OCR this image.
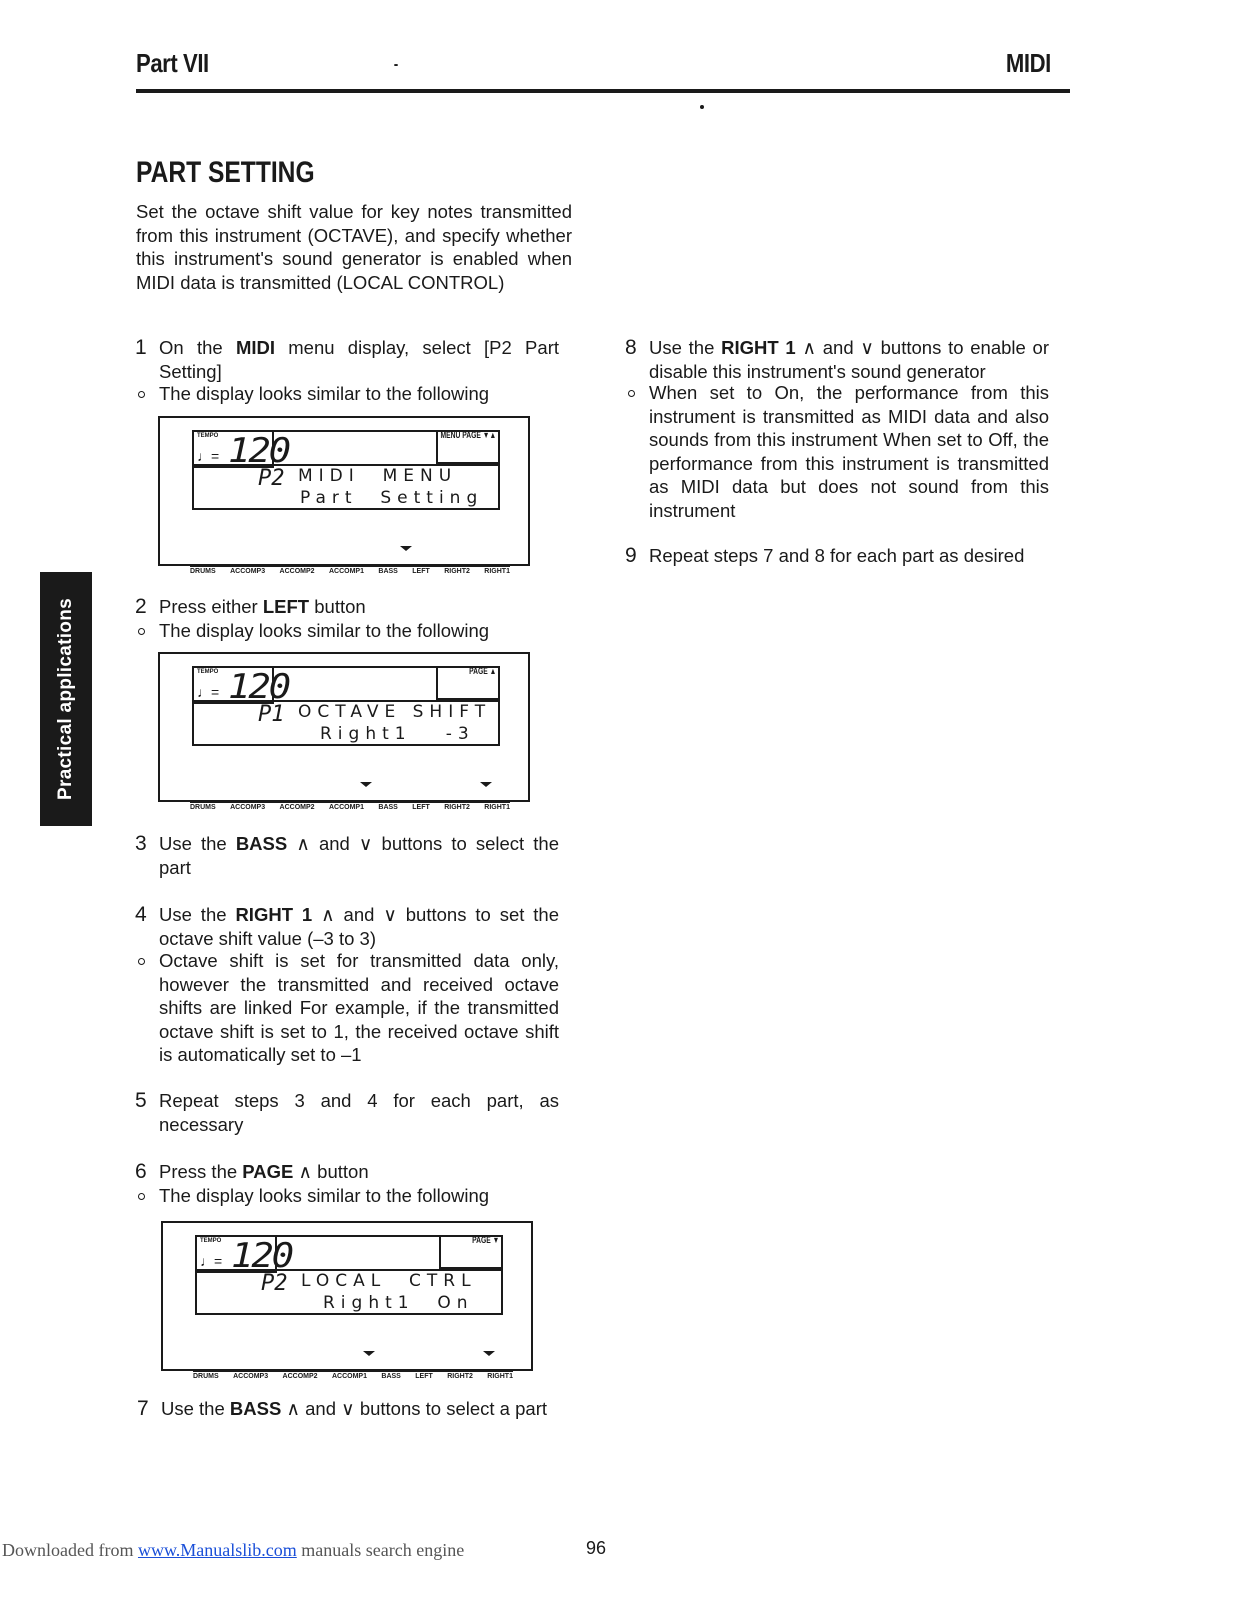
Part VII	MIDI
Practical applications
PART SETTING
Set the octave shift value for key notes transmitted from this instrument (OCTAVE), and specify whether this instrument's sound generator is enabled when MIDI data is transmitted (LOCAL CONTROL)
1 On the MIDI menu display, select [P2 Part Setting]
The display looks similar to the following
TEMPO
♩= 120	MENU PAGE ▼▲
P2 MIDI  MENU
Part  Setting
DRUMS ACCOMP3 ACCOMP2 ACCOMP1 BASS LEFT RIGHT2 RIGHT1
2 Press either LEFT button
The display looks similar to the following
TEMPO
♩= 120	PAGE ▲
P1 OCTAVE SHIFT
Right1   -3
DRUMS ACCOMP3 ACCOMP2 ACCOMP1 BASS LEFT RIGHT2 RIGHT1
3 Use the BASS ∧ and ∨ buttons to select the part
4 Use the RIGHT 1 ∧ and ∨ buttons to set the octave shift value (–3 to 3)
Octave shift is set for transmitted data only, however the transmitted and received octave shifts are linked For example, if the transmitted octave shift is set to 1, the received octave shift is automatically set to –1
5 Repeat steps 3 and 4 for each part, as necessary
6 Press the PAGE ∧ button
The display looks similar to the following
TEMPO
♩= 120	PAGE ▼
P2 LOCAL  CTRL
Right1  On
DRUMS ACCOMP3 ACCOMP2 ACCOMP1 BASS LEFT RIGHT2 RIGHT1
7 Use the BASS ∧ and ∨ buttons to select a part
8 Use the RIGHT 1 ∧ and ∨ buttons to enable or disable this instrument's sound generator
When set to On, the performance from this instrument is transmitted as MIDI data and also sounds from this instrument When set to Off, the performance from this instrument is transmitted as MIDI data but does not sound from this instrument
9 Repeat steps 7 and 8 for each part as desired
Downloaded from www.Manualslib.com manuals search engine	96
